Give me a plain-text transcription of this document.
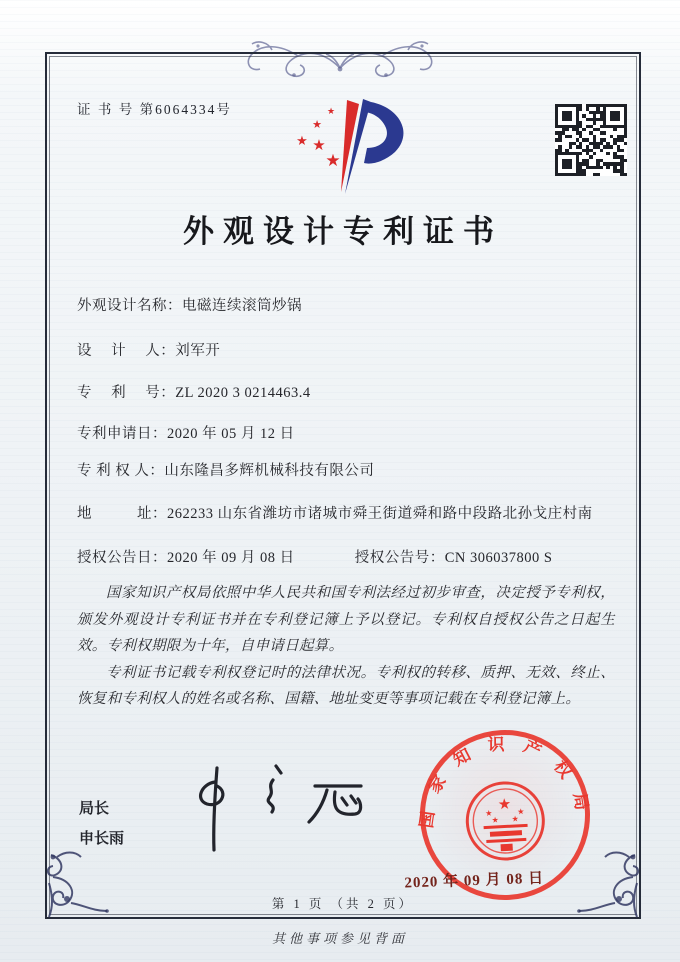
证 书 号 第6064334号	★
★
★ ★
★
外观设计专利证书
外观设计名称：电磁连续滚筒炒锅
设　 计 　人：刘军开
专　 利 　号：ZL 2020 3 0214463.4
专利申请日：2020 年 05 月 12 日
专 利 权 人：山东隆昌多辉机械科技有限公司
地　　　址：262233 山东省潍坊市诸城市舜王街道舜和路中段路北孙戈庄村南
授权公告日：2020 年 09 月 08 日	授权公告号：CN 306037800 S

国家知识产权局依照中华人民共和国专利法经过初步审查，决定授予专利权，颁发外观设计专利证书并在专利登记簿上予以登记。专利权自授权公告之日起生效。专利权期限为十年，自申请日起算。

专利证书记载专利权登记时的法律状况。专利权的转移、质押、无效、终止、恢复和专利权人的姓名或名称、国籍、地址变更等事项记载在专利登记簿上。

局长
申长雨
国家知识产权局
★
★	★
★ ★
2020 年 09 月 08 日
第 1 页 （共 2 页）
其他事项参见背面
